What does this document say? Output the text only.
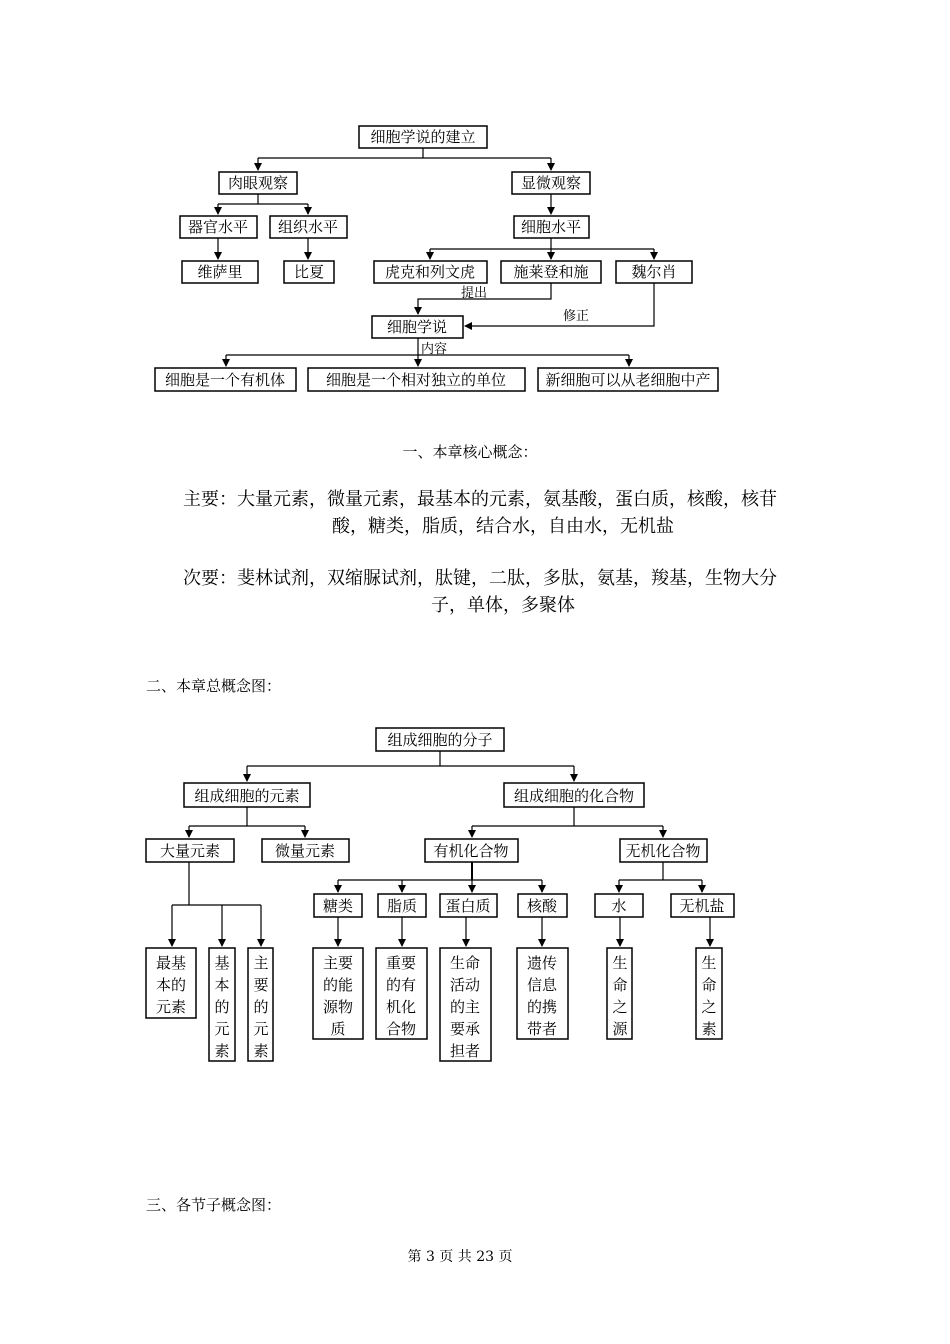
细胞学说的建立
肉眼观察	显微观察
器官水平 组织水平	细胞水平
维萨里	比夏	虎克和列文虎	施莱登和施	魏尔肖
细胞学说
细胞是一个有机体	细胞是一个相对独立的单位	新细胞可以从老细胞中产
提出
修正
内容
组成细胞的分子
组成细胞的元素	组成细胞的化合物
大量元素	微量元素	有机化合物	无机化合物
糖类 脂质 蛋白质 核酸	水	无机盐
最基
本的
元素
基
本
的
元
素
主
要
的
元
素
主要
的能
源物
质
重要
的有
机化
合物
生命
活动
的主
要承
担者
遗传
信息
的携
带者
生
命
之
源
生
命
之
素

一、本章核心概念：

主要：大量元素，微量元素，最基本的元素，氨基酸，蛋白质，核酸，核苷

酸，糖类，脂质，结合水，自由水，无机盐

次要：斐林试剂，双缩脲试剂，肽键，二肽，多肽，氨基，羧基，生物大分

子，单体，多聚体

二、本章总概念图：

三、各节子概念图：

第 3 页 共 23 页
